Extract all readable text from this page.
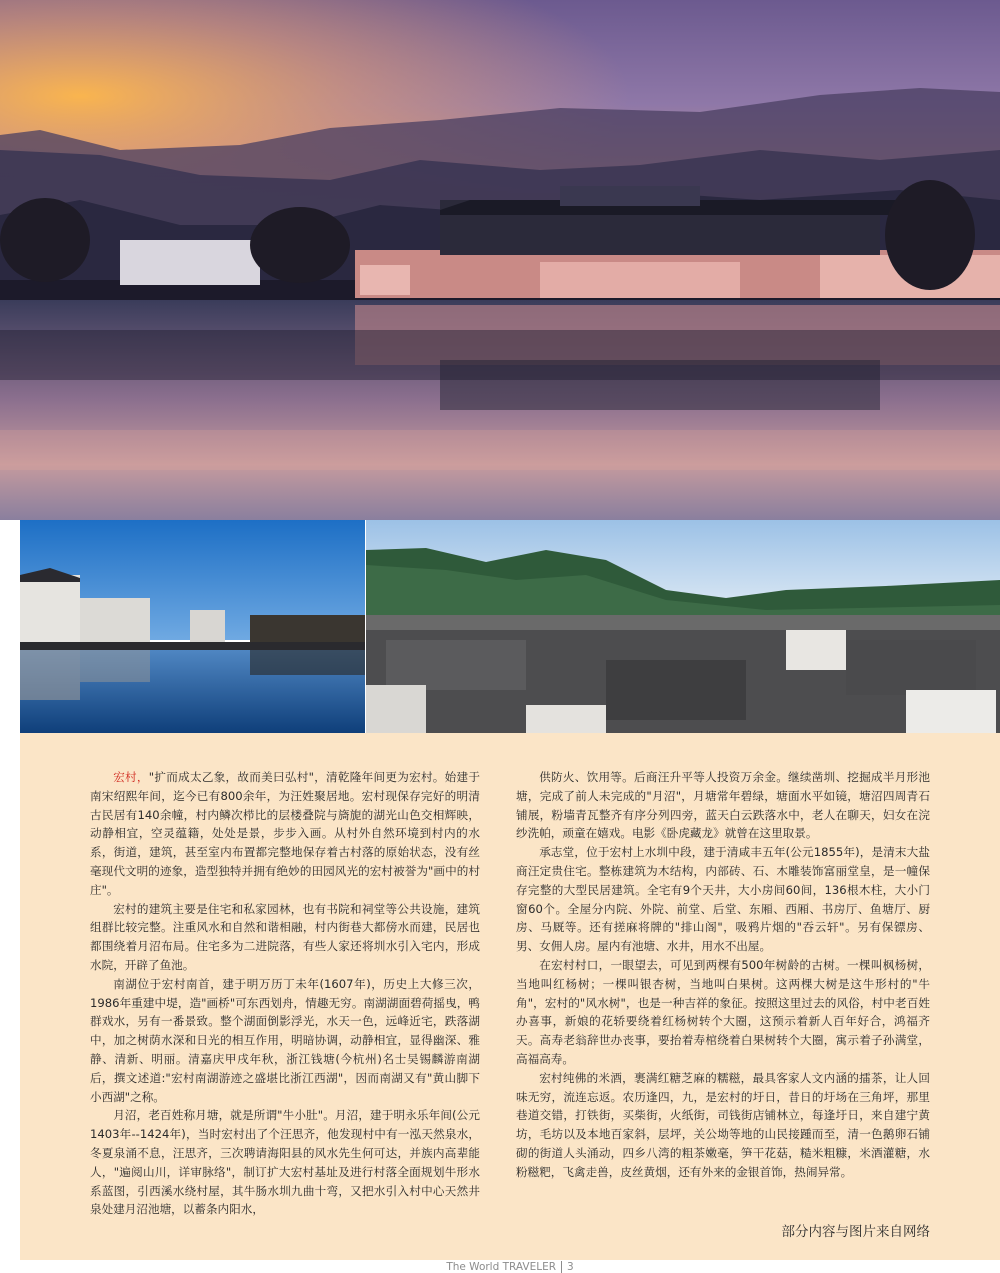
宏村，"扩而成太乙象，故而美曰弘村"，清乾隆年间更为宏村。始建于南宋绍熙年间，迄今已有800余年，为汪姓聚居地。宏村现保存完好的明清古民居有140余幢，村内鳞次栉比的层楼叠院与旖旎的湖光山色交相辉映，动静相宜，空灵蕴籍，处处是景，步步入画。从村外自然环境到村内的水系，街道，建筑，甚至室内布置都完整地保存着古村落的原始状态，没有丝毫现代文明的迹象，造型独特并拥有绝妙的田园风光的宏村被誉为"画中的村庄"。

宏村的建筑主要是住宅和私家园林，也有书院和祠堂等公共设施，建筑组群比较完整。注重风水和自然和谐相融，村内街巷大都傍水而建，民居也都围绕着月沼布局。住宅多为二进院落，有些人家还将圳水引入宅内，形成水院，开辟了鱼池。

南湖位于宏村南首，建于明万历丁未年(1607年)，历史上大修三次，1986年重建中堤，造"画桥"可东西划舟，情趣无穷。南湖湖面碧荷摇曳，鸭群戏水，另有一番景致。整个湖面倒影浮光，水天一色，远峰近宅，跌落湖中，加之树荫水深和日光的相互作用，明暗协调，动静相宜，显得幽深、雅静、清新、明丽。清嘉庆甲戌年秋，浙江钱塘(今杭州)名士吴锡麟游南湖后，撰文述道:"宏村南湖游迹之盛堪比浙江西湖"，因而南湖又有"黄山脚下小西湖"之称。

月沼，老百姓称月塘，就是所谓"牛小肚"。月沼，建于明永乐年间(公元1403年--1424年)，当时宏村出了个汪思齐，他发现村中有一泓天然泉水，冬夏泉涌不息，汪思齐，三次聘请海阳县的风水先生何可达，并族内高辈能人，"遍阅山川，详审脉络"，制订扩大宏村基址及进行村落全面规划牛形水系蓝图，引西溪水绕村屋，其牛肠水圳九曲十弯，又把水引入村中心天然井泉处建月沼池塘，以蓄条内阳水，

供防火、饮用等。后商汪升平等人投资万余金。继续凿圳、挖掘成半月形池塘，完成了前人未完成的"月沼"，月塘常年碧绿，塘面水平如镜，塘沼四周青石铺展，粉墙青瓦整齐有序分列四旁，蓝天白云跌落水中，老人在聊天，妇女在浣纱洗帕，顽童在嬉戏。电影《卧虎藏龙》就曾在这里取景。

承志堂，位于宏村上水圳中段，建于清咸丰五年(公元1855年)，是清末大盐商汪定贵住宅。整栋建筑为木结构，内部砖、石、木雕装饰富丽堂皇，是一幢保存完整的大型民居建筑。全宅有9个天井，大小房间60间，136根木柱，大小门窗60个。全屋分内院、外院、前堂、后堂、东厢、西厢、书房厅、鱼塘厅、厨房、马厩等。还有搓麻将牌的"排山阁"，吸鸦片烟的"吞云轩"。另有保镖房、男、女佣人房。屋内有池塘、水井，用水不出屋。

在宏村村口，一眼望去，可见到两棵有500年树龄的古树。一棵叫枫杨树，当地叫红杨树；一棵叫银杏树，当地叫白果树。这两棵大树是这牛形村的"牛角"，宏村的"风水树"，也是一种吉祥的象征。按照这里过去的风俗，村中老百姓办喜事，新娘的花轿要绕着红杨树转个大圈，这预示着新人百年好合，鸿福齐天。高寿老翁辞世办丧事，要抬着寿棺绕着白果树转个大圈，寓示着子孙满堂，高福高寿。

宏村纯佛的米酒，裹满红糖芝麻的糯糍，最具客家人文内涵的擂茶，让人回味无穷，流连忘返。农历逢四，九，是宏村的圩日，昔日的圩场在三角坪，那里巷道交错，打铁街，买柴街，火纸街，司钱街店铺林立，每逢圩日，来自建宁黄坊，毛坊以及本地百家斜，层坪，关公坳等地的山民接踵而至，清一色鹅卵石铺砌的街道人头涌动，四乡八湾的粗茶嫩毫，笋干花菇，糙米粗糠，米酒灌糖，水粉糍粑，飞禽走兽，皮丝黄烟，还有外来的金银首饰，热闹异常。

部分内容与图片来自网络
The World TRAVELER 3
